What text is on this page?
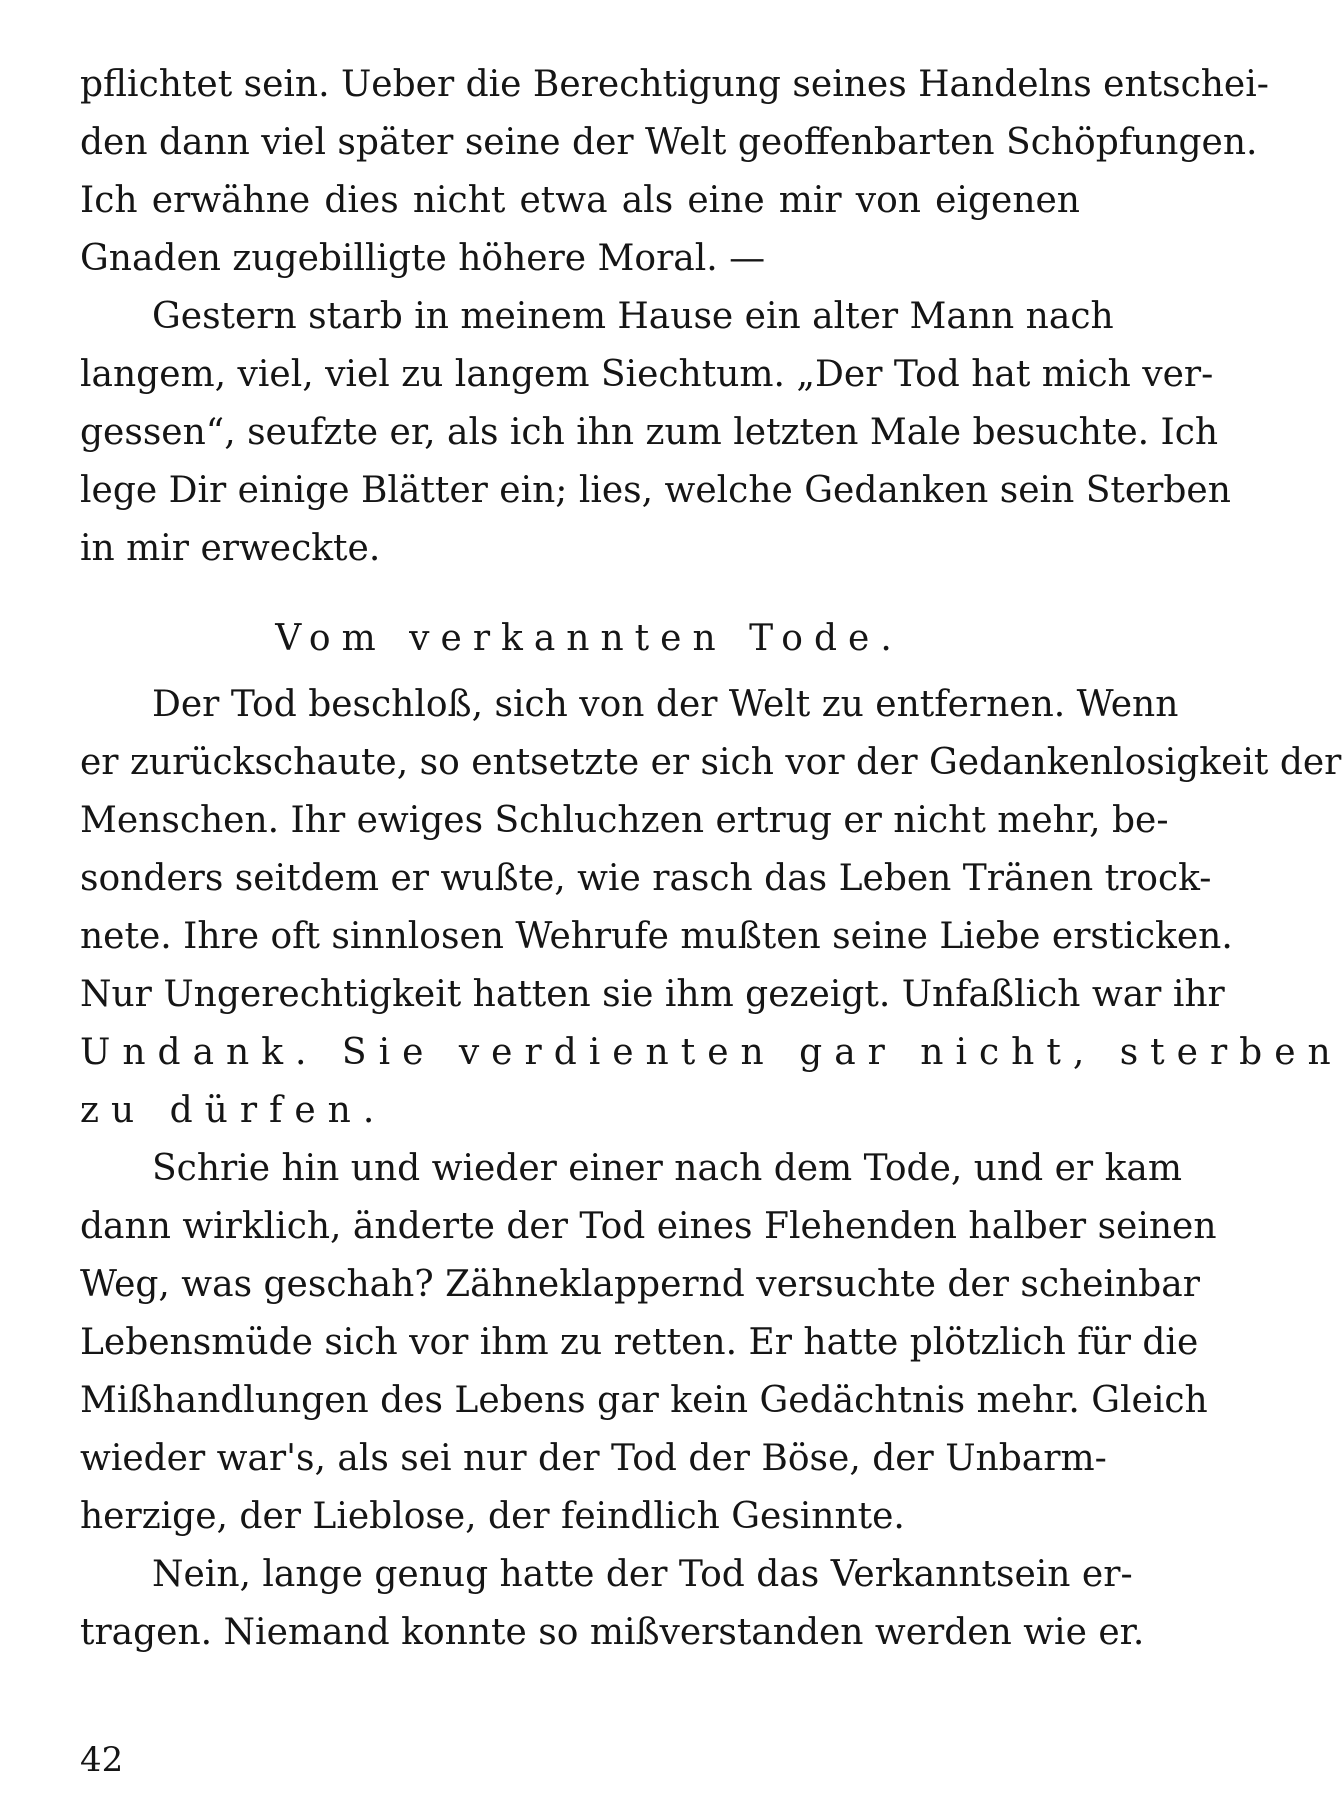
pflichtet sein. Ueber die Berechtigung seines Handelns entschei-
den dann viel später seine der Welt geoffenbarten Schöpfungen.
Ich erwähne dies nicht etwa als eine mir von eigenen
Gnaden zugebilligte höhere Moral. —
Gestern starb in meinem Hause ein alter Mann nach
langem, viel, viel zu langem Siechtum. „Der Tod hat mich ver-
gessen“, seufzte er, als ich ihn zum letzten Male besuchte. Ich
lege Dir einige Blätter ein; lies, welche Gedanken sein Sterben
in mir erweckte.
Vom verkannten Tode.
Der Tod beschloß, sich von der Welt zu entfernen. Wenn
er zurückschaute, so entsetzte er sich vor der Gedankenlosigkeit der
Menschen. Ihr ewiges Schluchzen ertrug er nicht mehr, be-
sonders seitdem er wußte, wie rasch das Leben Tränen trock-
nete. Ihre oft sinnlosen Wehrufe mußten seine Liebe ersticken.
Nur Ungerechtigkeit hatten sie ihm gezeigt. Unfaßlich war ihr
Undank. Sie verdienten gar nicht, sterben
zu dürfen.
Schrie hin und wieder einer nach dem Tode, und er kam
dann wirklich, änderte der Tod eines Flehenden halber seinen
Weg, was geschah? Zähneklappernd versuchte der scheinbar
Lebensmüde sich vor ihm zu retten. Er hatte plötzlich für die
Mißhandlungen des Lebens gar kein Gedächtnis mehr. Gleich
wieder war's, als sei nur der Tod der Böse, der Unbarm-
herzige, der Lieblose, der feindlich Gesinnte.
Nein, lange genug hatte der Tod das Verkanntsein er-
tragen. Niemand konnte so mißverstanden werden wie er.
42
